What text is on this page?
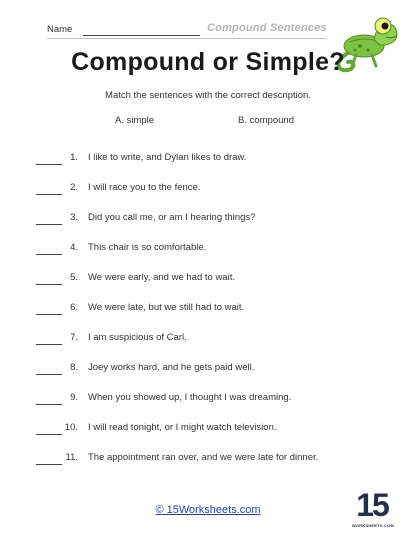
Name	Compound Sentences
Compound or Simple?
Match the sentences with the correct description.
A. simple	B. compound
1. I like to write, and Dylan likes to draw.
2. I will race you to the fence.
3. Did you call me, or am I hearing things?
4. This chair is so comfortable.
5. We were early, and we had to wait.
6. We were late, but we still had to wait.
7. I am suspicious of Carl.
8. Joey works hard, and he gets paid well.
9. When you showed up, I thought I was dreaming.
10. I will read tonight, or I might watch television.
11. The appointment ran over, and we were late for dinner.
© 15Worksheets.com	15
WORKSHEETS.COM
